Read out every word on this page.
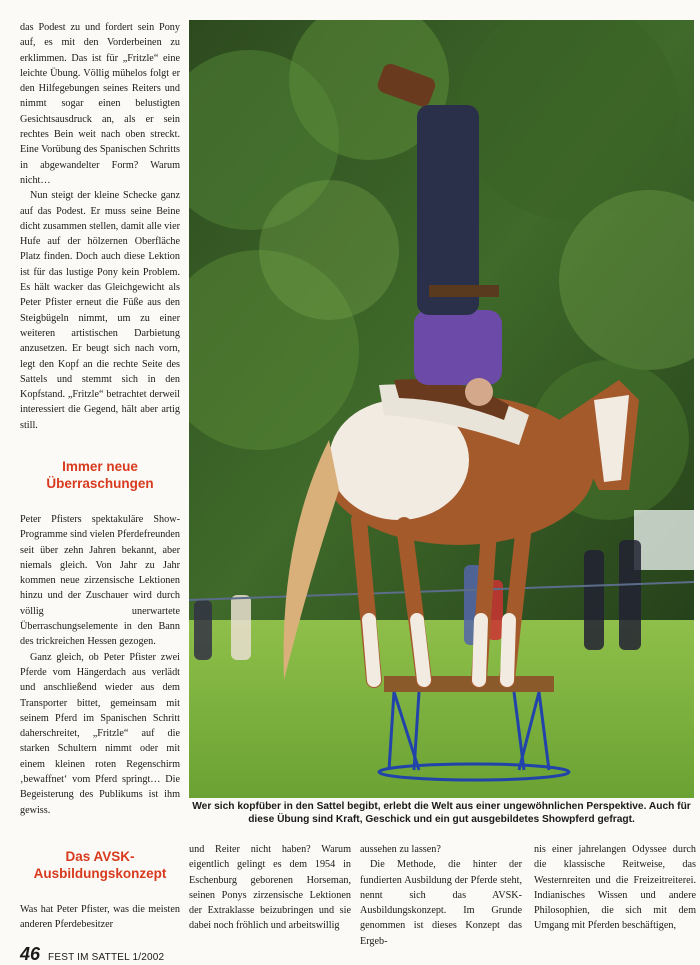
das Podest zu und fordert sein Pony auf, es mit den Vorderbeinen zu erklimmen. Das ist für „Fritzle“ eine leichte Übung. Völlig mühelos folgt er den Hilfegebungen seines Reiters und nimmt sogar einen belustigten Gesichtsausdruck an, als er sein rechtes Bein weit nach oben streckt. Eine Vorübung des Spanischen Schritts in abgewandelter Form? Warum nicht…

Nun steigt der kleine Schecke ganz auf das Podest. Er muss seine Beine dicht zusammen stellen, damit alle vier Hufe auf der hölzernen Oberfläche Platz finden. Doch auch diese Lektion ist für das lustige Pony kein Problem. Es hält wacker das Gleichgewicht als Peter Pfister erneut die Füße aus den Steigbügeln nimmt, um zu einer weiteren artistischen Darbietung anzusetzen. Er beugt sich nach vorn, legt den Kopf an die rechte Seite des Sattels und stemmt sich in den Kopfstand. „Fritzle“ betrachtet derweil interessiert die Gegend, hält aber artig still.

Immer neue Überraschungen

Peter Pfisters spektakuläre Show-Programme sind vielen Pferdefreunden seit über zehn Jahren bekannt, aber niemals gleich. Von Jahr zu Jahr kommen neue zirzensische Lektionen hinzu und der Zuschauer wird durch völlig unerwartete Überraschungselemente in den Bann des trickreichen Hessen gezogen.

Ganz gleich, ob Peter Pfister zwei Pferde vom Hängerdach aus verlädt und anschließend wieder aus dem Transporter bittet, gemeinsam mit seinem Pferd im Spanischen Schritt daherschreitet, „Fritzle“ auf die starken Schultern nimmt oder mit einem kleinen roten Regenschirm ‚bewaffnet‘ vom Pferd springt… Die Begeisterung des Publikums ist ihm gewiss.

Das AVSK-Ausbildungskonzept

Was hat Peter Pfister, was die meisten anderen Pferdebesitzer

Wer sich kopfüber in den Sattel begibt, erlebt die Welt aus einer ungewöhnlichen Perspektive. Auch für diese Übung sind Kraft, Geschick und ein gut ausgebildetes Showpferd gefragt.

und Reiter nicht haben? Warum eigentlich gelingt es dem 1954 in Eschenburg geborenen Horseman, seinen Ponys zirzensische Lektionen der Extraklasse beizubringen und sie dabei noch fröhlich und arbeitswillig

aussehen zu lassen?

Die Methode, die hinter der fundierten Ausbildung der Pferde steht, nennt sich das AVSK-Ausbildungskonzept. Im Grunde genommen ist dieses Konzept das Ergeb-

nis einer jahrelangen Odyssee durch die klassische Reitweise, das Westernreiten und die Freizeitreiterei. Indianisches Wissen und andere Philosophien, die sich mit dem Umgang mit Pferden beschäftigen,

46 FEST IM SATTEL 1/2002
